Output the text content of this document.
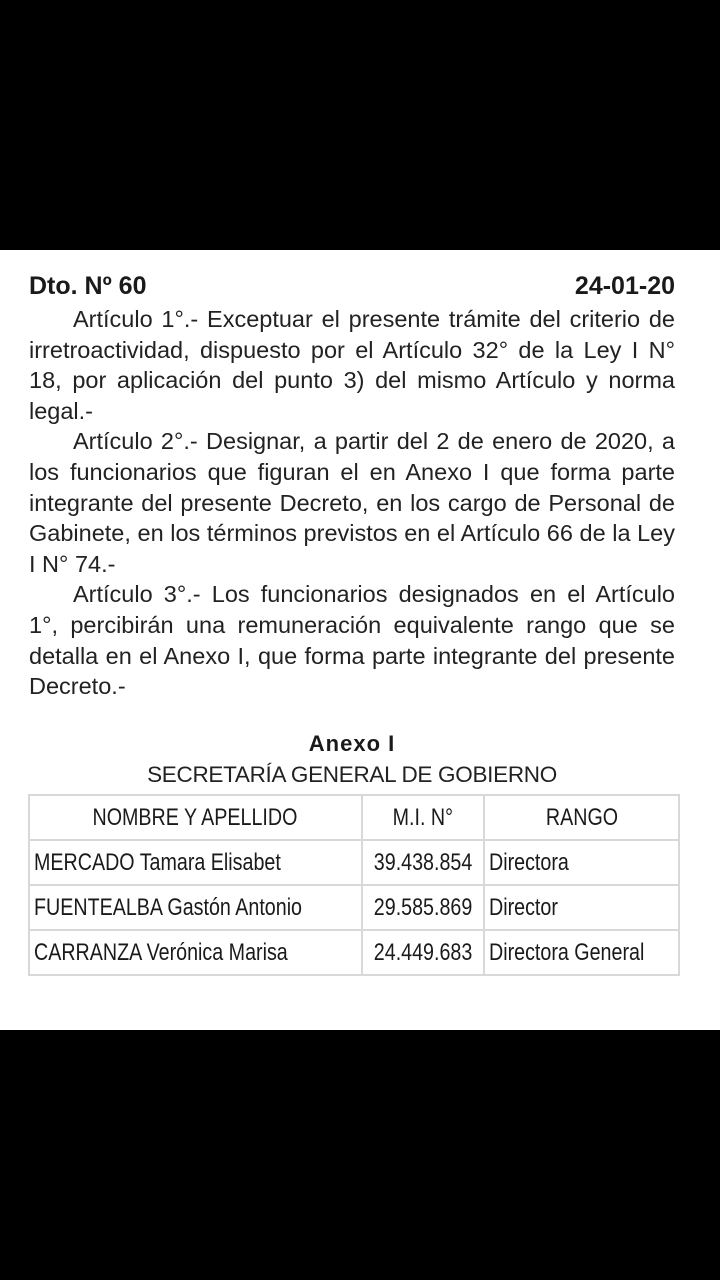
Dto. Nº 60	24-01-20

Artículo 1°.- Exceptuar el presente trámite del criterio de irretroactividad, dispuesto por el Artículo 32° de la Ley I N° 18, por aplicación del punto 3) del mismo Artículo y norma legal.-

Artículo 2°.- Designar, a partir del 2 de enero de 2020, a los funcionarios que figuran el en Anexo I que forma parte integrante del presente Decreto, en los cargo de Personal de Gabinete, en los términos previstos en el Artículo 66 de la Ley I N° 74.-

Artículo 3°.- Los funcionarios designados en el Artículo 1°, percibirán una remuneración equivalente rango que se detalla en el Anexo I, que forma parte integrante del presente Decreto.-

Anexo I
SECRETARÍA GENERAL DE GOBIERNO
NOMBRE Y APELLIDO	M.I. N°	RANGO
MERCADO Tamara Elisabet	39.438.854	Directora
FUENTEALBA Gastón Antonio	29.585.869	Director
CARRANZA Verónica Marisa	24.449.683	Directora General
